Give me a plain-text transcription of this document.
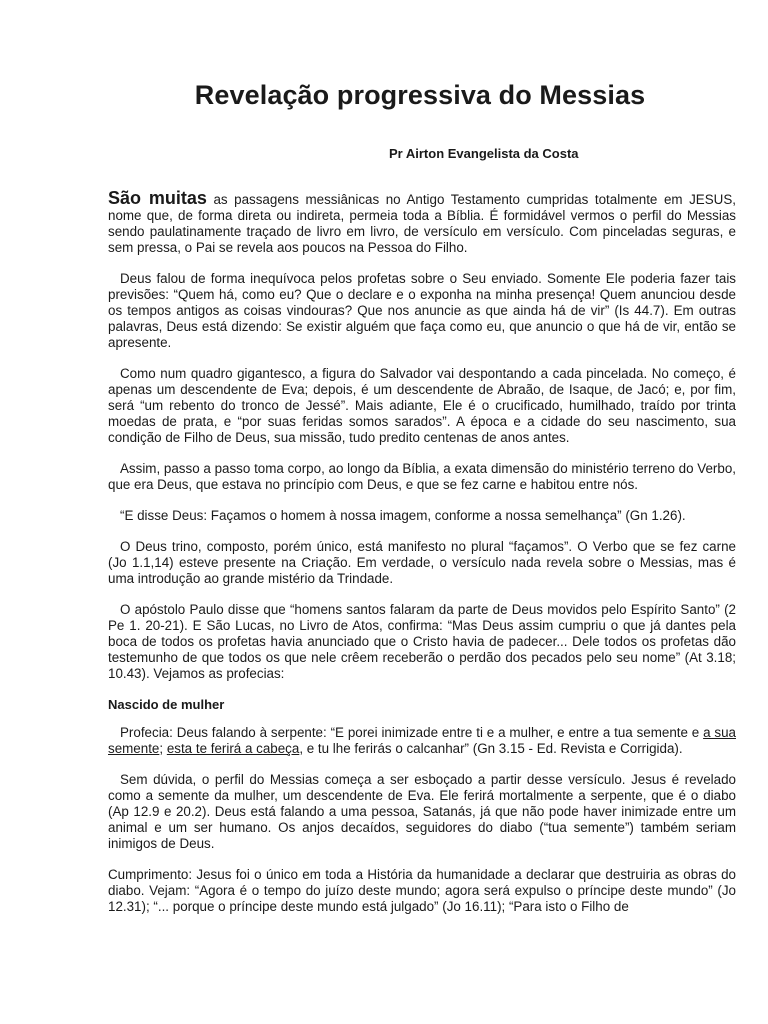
Revelação progressiva do Messias
Pr Airton Evangelista da Costa

São muitas as passagens messiânicas no Antigo Testamento cumpridas totalmente em JESUS, nome que, de forma direta ou indireta, permeia toda a Bíblia. É formidável vermos o perfil do Messias sendo paulatinamente traçado de livro em livro, de versículo em versículo. Com pinceladas seguras, e sem pressa, o Pai se revela aos poucos na Pessoa do Filho.

Deus falou de forma inequívoca pelos profetas sobre o Seu enviado. Somente Ele poderia fazer tais previsões: “Quem há, como eu? Que o declare e o exponha na minha presença! Quem anunciou desde os tempos antigos as coisas vindouras? Que nos anuncie as que ainda há de vir” (Is 44.7). Em outras palavras, Deus está dizendo: Se existir alguém que faça como eu, que anuncio o que há de vir, então se apresente.

Como num quadro gigantesco, a figura do Salvador vai despontando a cada pincelada. No começo, é apenas um descendente de Eva; depois, é um descendente de Abraão, de Isaque, de Jacó; e, por fim, será “um rebento do tronco de Jessé”. Mais adiante, Ele é o crucificado, humilhado, traído por trinta moedas de prata, e “por suas feridas somos sarados”. A época e a cidade do seu nascimento, sua condição de Filho de Deus, sua missão, tudo predito centenas de anos antes.

Assim, passo a passo toma corpo, ao longo da Bíblia, a exata dimensão do ministério terreno do Verbo, que era Deus, que estava no princípio com Deus, e que se fez carne e habitou entre nós.

“E disse Deus: Façamos o homem à nossa imagem, conforme a nossa semelhança” (Gn 1.26).

O Deus trino, composto, porém único, está manifesto no plural “façamos”. O Verbo que se fez carne (Jo 1.1,14) esteve presente na Criação. Em verdade, o versículo nada revela sobre o Messias, mas é uma introdução ao grande mistério da Trindade.

O apóstolo Paulo disse que “homens santos falaram da parte de Deus movidos pelo Espírito Santo” (2 Pe 1. 20-21). E São Lucas, no Livro de Atos, confirma: “Mas Deus assim cumpriu o que já dantes pela boca de todos os profetas havia anunciado que o Cristo havia de padecer... Dele todos os profetas dão testemunho de que todos os que nele crêem receberão o perdão dos pecados pelo seu nome” (At 3.18; 10.43). Vejamos as profecias:

Nascido de mulher

Profecia: Deus falando à serpente: “E porei inimizade entre ti e a mulher, e entre a tua semente e a sua semente; esta te ferirá a cabeça, e tu lhe ferirás o calcanhar” (Gn 3.15 - Ed. Revista e Corrigida).

Sem dúvida, o perfil do Messias começa a ser esboçado a partir desse versículo. Jesus é revelado como a semente da mulher, um descendente de Eva. Ele ferirá mortalmente a serpente, que é o diabo (Ap 12.9 e 20.2). Deus está falando a uma pessoa, Satanás, já que não pode haver inimizade entre um animal e um ser humano. Os anjos decaídos, seguidores do diabo (“tua semente”) também seriam inimigos de Deus.

Cumprimento: Jesus foi o único em toda a História da humanidade a declarar que destruiria as obras do diabo. Vejam: “Agora é o tempo do juízo deste mundo; agora será expulso o príncipe deste mundo” (Jo 12.31); “... porque o príncipe deste mundo está julgado” (Jo 16.11); “Para isto o Filho de
